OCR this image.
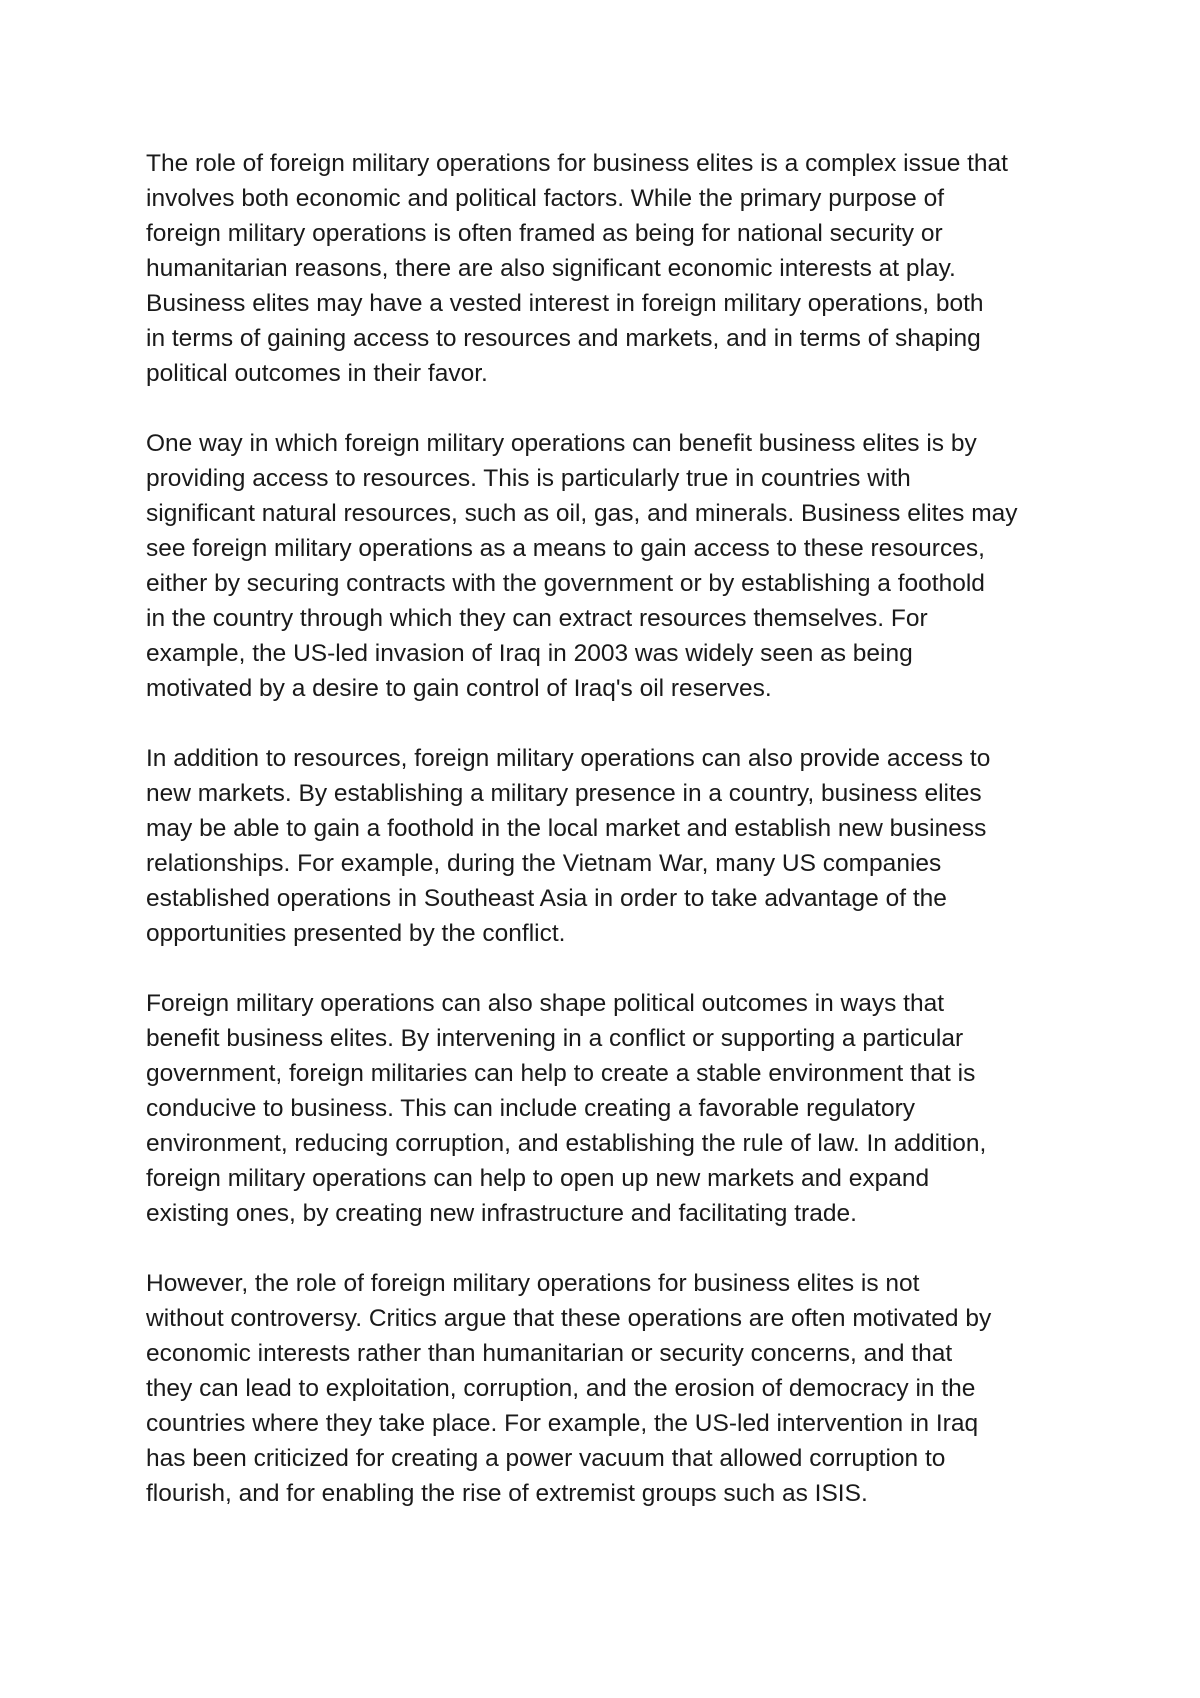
The role of foreign military operations for business elites is a complex issue that
involves both economic and political factors. While the primary purpose of
foreign military operations is often framed as being for national security or
humanitarian reasons, there are also significant economic interests at play.
Business elites may have a vested interest in foreign military operations, both
in terms of gaining access to resources and markets, and in terms of shaping
political outcomes in their favor.

One way in which foreign military operations can benefit business elites is by
providing access to resources. This is particularly true in countries with
significant natural resources, such as oil, gas, and minerals. Business elites may
see foreign military operations as a means to gain access to these resources,
either by securing contracts with the government or by establishing a foothold
in the country through which they can extract resources themselves. For
example, the US-led invasion of Iraq in 2003 was widely seen as being
motivated by a desire to gain control of Iraq's oil reserves.

In addition to resources, foreign military operations can also provide access to
new markets. By establishing a military presence in a country, business elites
may be able to gain a foothold in the local market and establish new business
relationships. For example, during the Vietnam War, many US companies
established operations in Southeast Asia in order to take advantage of the
opportunities presented by the conflict.

Foreign military operations can also shape political outcomes in ways that
benefit business elites. By intervening in a conflict or supporting a particular
government, foreign militaries can help to create a stable environment that is
conducive to business. This can include creating a favorable regulatory
environment, reducing corruption, and establishing the rule of law. In addition,
foreign military operations can help to open up new markets and expand
existing ones, by creating new infrastructure and facilitating trade.

However, the role of foreign military operations for business elites is not
without controversy. Critics argue that these operations are often motivated by
economic interests rather than humanitarian or security concerns, and that
they can lead to exploitation, corruption, and the erosion of democracy in the
countries where they take place. For example, the US-led intervention in Iraq
has been criticized for creating a power vacuum that allowed corruption to
flourish, and for enabling the rise of extremist groups such as ISIS.
